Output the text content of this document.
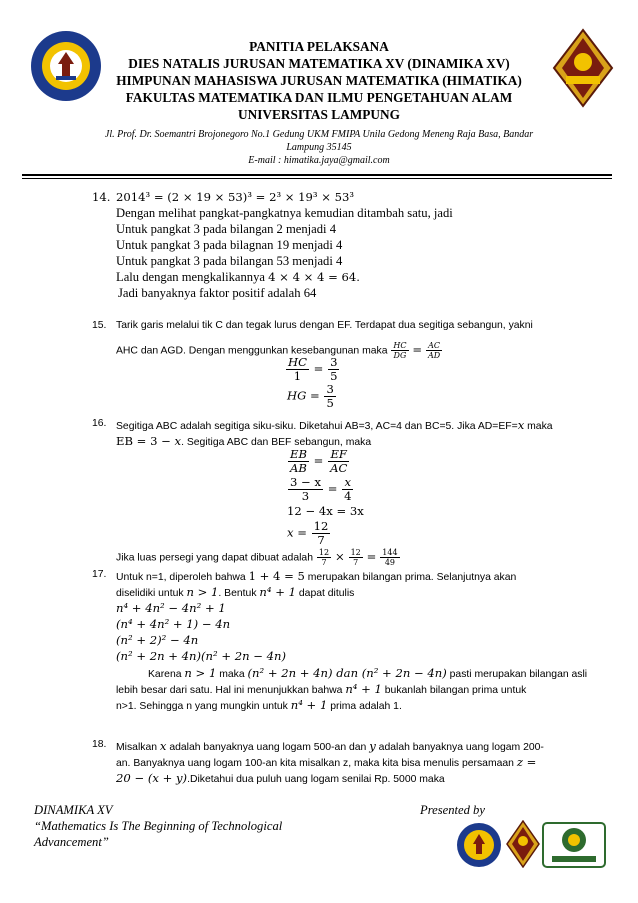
PANITIA PELAKSANA
DIES NATALIS JURUSAN MATEMATIKA XV (DINAMIKA XV)
HIMPUNAN MAHASISWA JURUSAN MATEMATIKA (HIMATIKA)
FAKULTAS MATEMATIKA DAN ILMU PENGETAHUAN ALAM
UNIVERSITAS LAMPUNG
Jl. Prof. Dr. Soemantri Brojonegoro No.1 Gedung UKM FMIPA Unila Gedong Meneng Raja Basa, Bandar
Lampung 35145
E-mail : himatika.jaya@gmail.com
14. 2014³ = (2 × 19 × 53)³ = 2³ × 19³ × 53³
Dengan melihat pangkat-pangkatnya kemudian ditambah satu, jadi
Untuk pangkat 3 pada bilangan 2 menjadi 4
Untuk pangkat 3 pada bilagnan 19 menjadi 4
Untuk pangkat 3 pada bilangan 53 menjadi 4
Lalu dengan mengkalikannya 4 × 4 × 4 = 64.
Jadi banyaknya faktor positif adalah 64
15. Tarik garis melalui tik C dan tegak lurus dengan EF. Terdapat dua segitiga sebangun, yakni
AHC dan AGD. Dengan menggunkan kesebangunan maka $\frac{HC}{DG} = \frac{AC}{AD}$
$\frac{HC}{1} = \frac{3}{5}$
HG = $\frac{3}{5}$
16. Segitiga ABC adalah segitiga siku-siku. Diketahui AB=3, AC=4 dan BC=5. Jika AD=EF=x maka
EB = 3 − x. Segitiga ABC dan BEF sebangun, maka
$\frac{EB}{AB} = \frac{EF}{AC}$
$\frac{3 - x}{3} = \frac{x}{4}$
12 − 4x = 3x
$x = \frac{12}{7}$
Jika luas persegi yang dapat dibuat adalah $\frac{12}{7} \times \frac{12}{7} = \frac{144}{49}$
17. Untuk n=1, diperoleh bahwa 1 + 4 = 5 merupakan bilangan prima. Selanjutnya akan
diselidiki untuk n > 1. Bentuk n⁴ + 1 dapat ditulis
n⁴ + 4n² − 4n² + 1
(n⁴ + 4n² + 1) − 4n
(n² + 2)² − 4n
(n² + 2n + 4n)(n² + 2n − 4n)
Karena n > 1 maka (n² + 2n + 4n) dan (n² + 2n − 4n) pasti merupakan bilangan asli
lebih besar dari satu. Hal ini menunjukkan bahwa n⁴ + 1 bukanlah bilangan prima untuk
n>1. Sehingga n yang mungkin untuk n⁴ + 1 prima adalah 1.
18. Misalkan x adalah banyaknya uang logam 500-an dan y adalah banyaknya uang logam 200-
an. Banyaknya uang logam 100-an kita misalkan z, maka kita bisa menulis persamaan z =
20 − (x + y).Diketahui dua puluh uang logam senilai Rp. 5000 maka
DINAMIKA XV
“Mathematics Is The Beginning of Technological
Advancement”
Presented by
